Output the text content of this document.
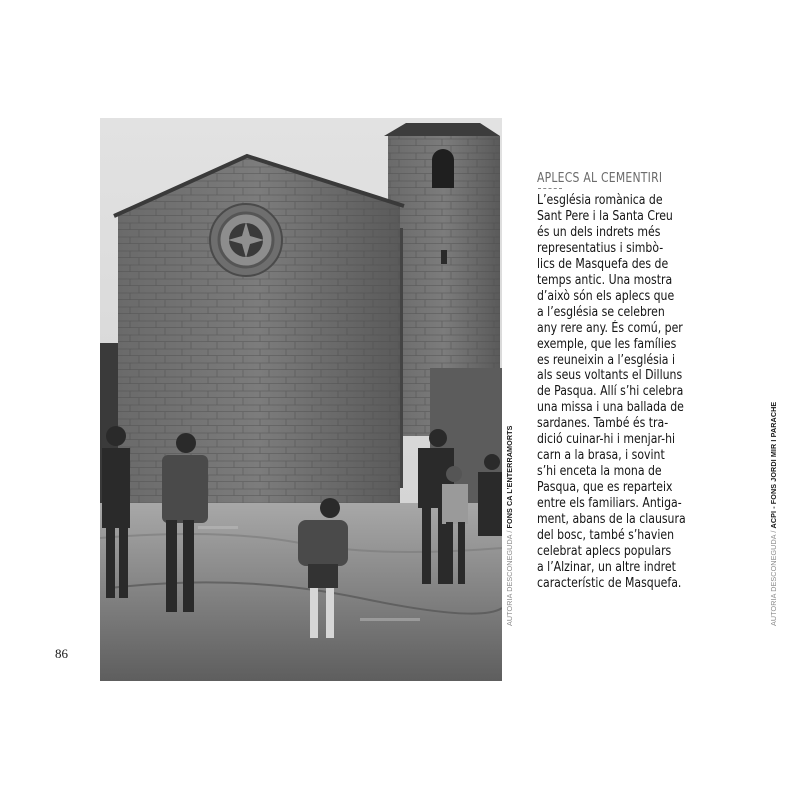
AUTORIA DESCONEGUDA / FONS CA L’ENTERRAMORTS
86
APLECS AL CEMENTIRI
L’església romànica de
Sant Pere i la Santa Creu
és un dels indrets més
representatius i simbò-
lics de Masquefa des de
temps antic. Una mostra
d’això són els aplecs que
a l’església se celebren
any rere any. És comú, per
exemple, que les famílies
es reuneixin a l’església i
als seus voltants el Dilluns
de Pasqua. Allí s’hi celebra
una missa i una ballada de
sardanes. També és tra-
dició cuinar-hi i menjar-hi
carn a la brasa, i sovint
s’hi enceta la mona de
Pasqua, que es reparteix
entre els familiars. Antiga-
ment, abans de la clausura
del bosc, també s’havien
celebrat aplecs populars
a l’Alzinar, un altre indret
característic de Masquefa.	AUTORIA DESCONEGUDA / ACPI - FONS JORDI MIR I PARACHE
